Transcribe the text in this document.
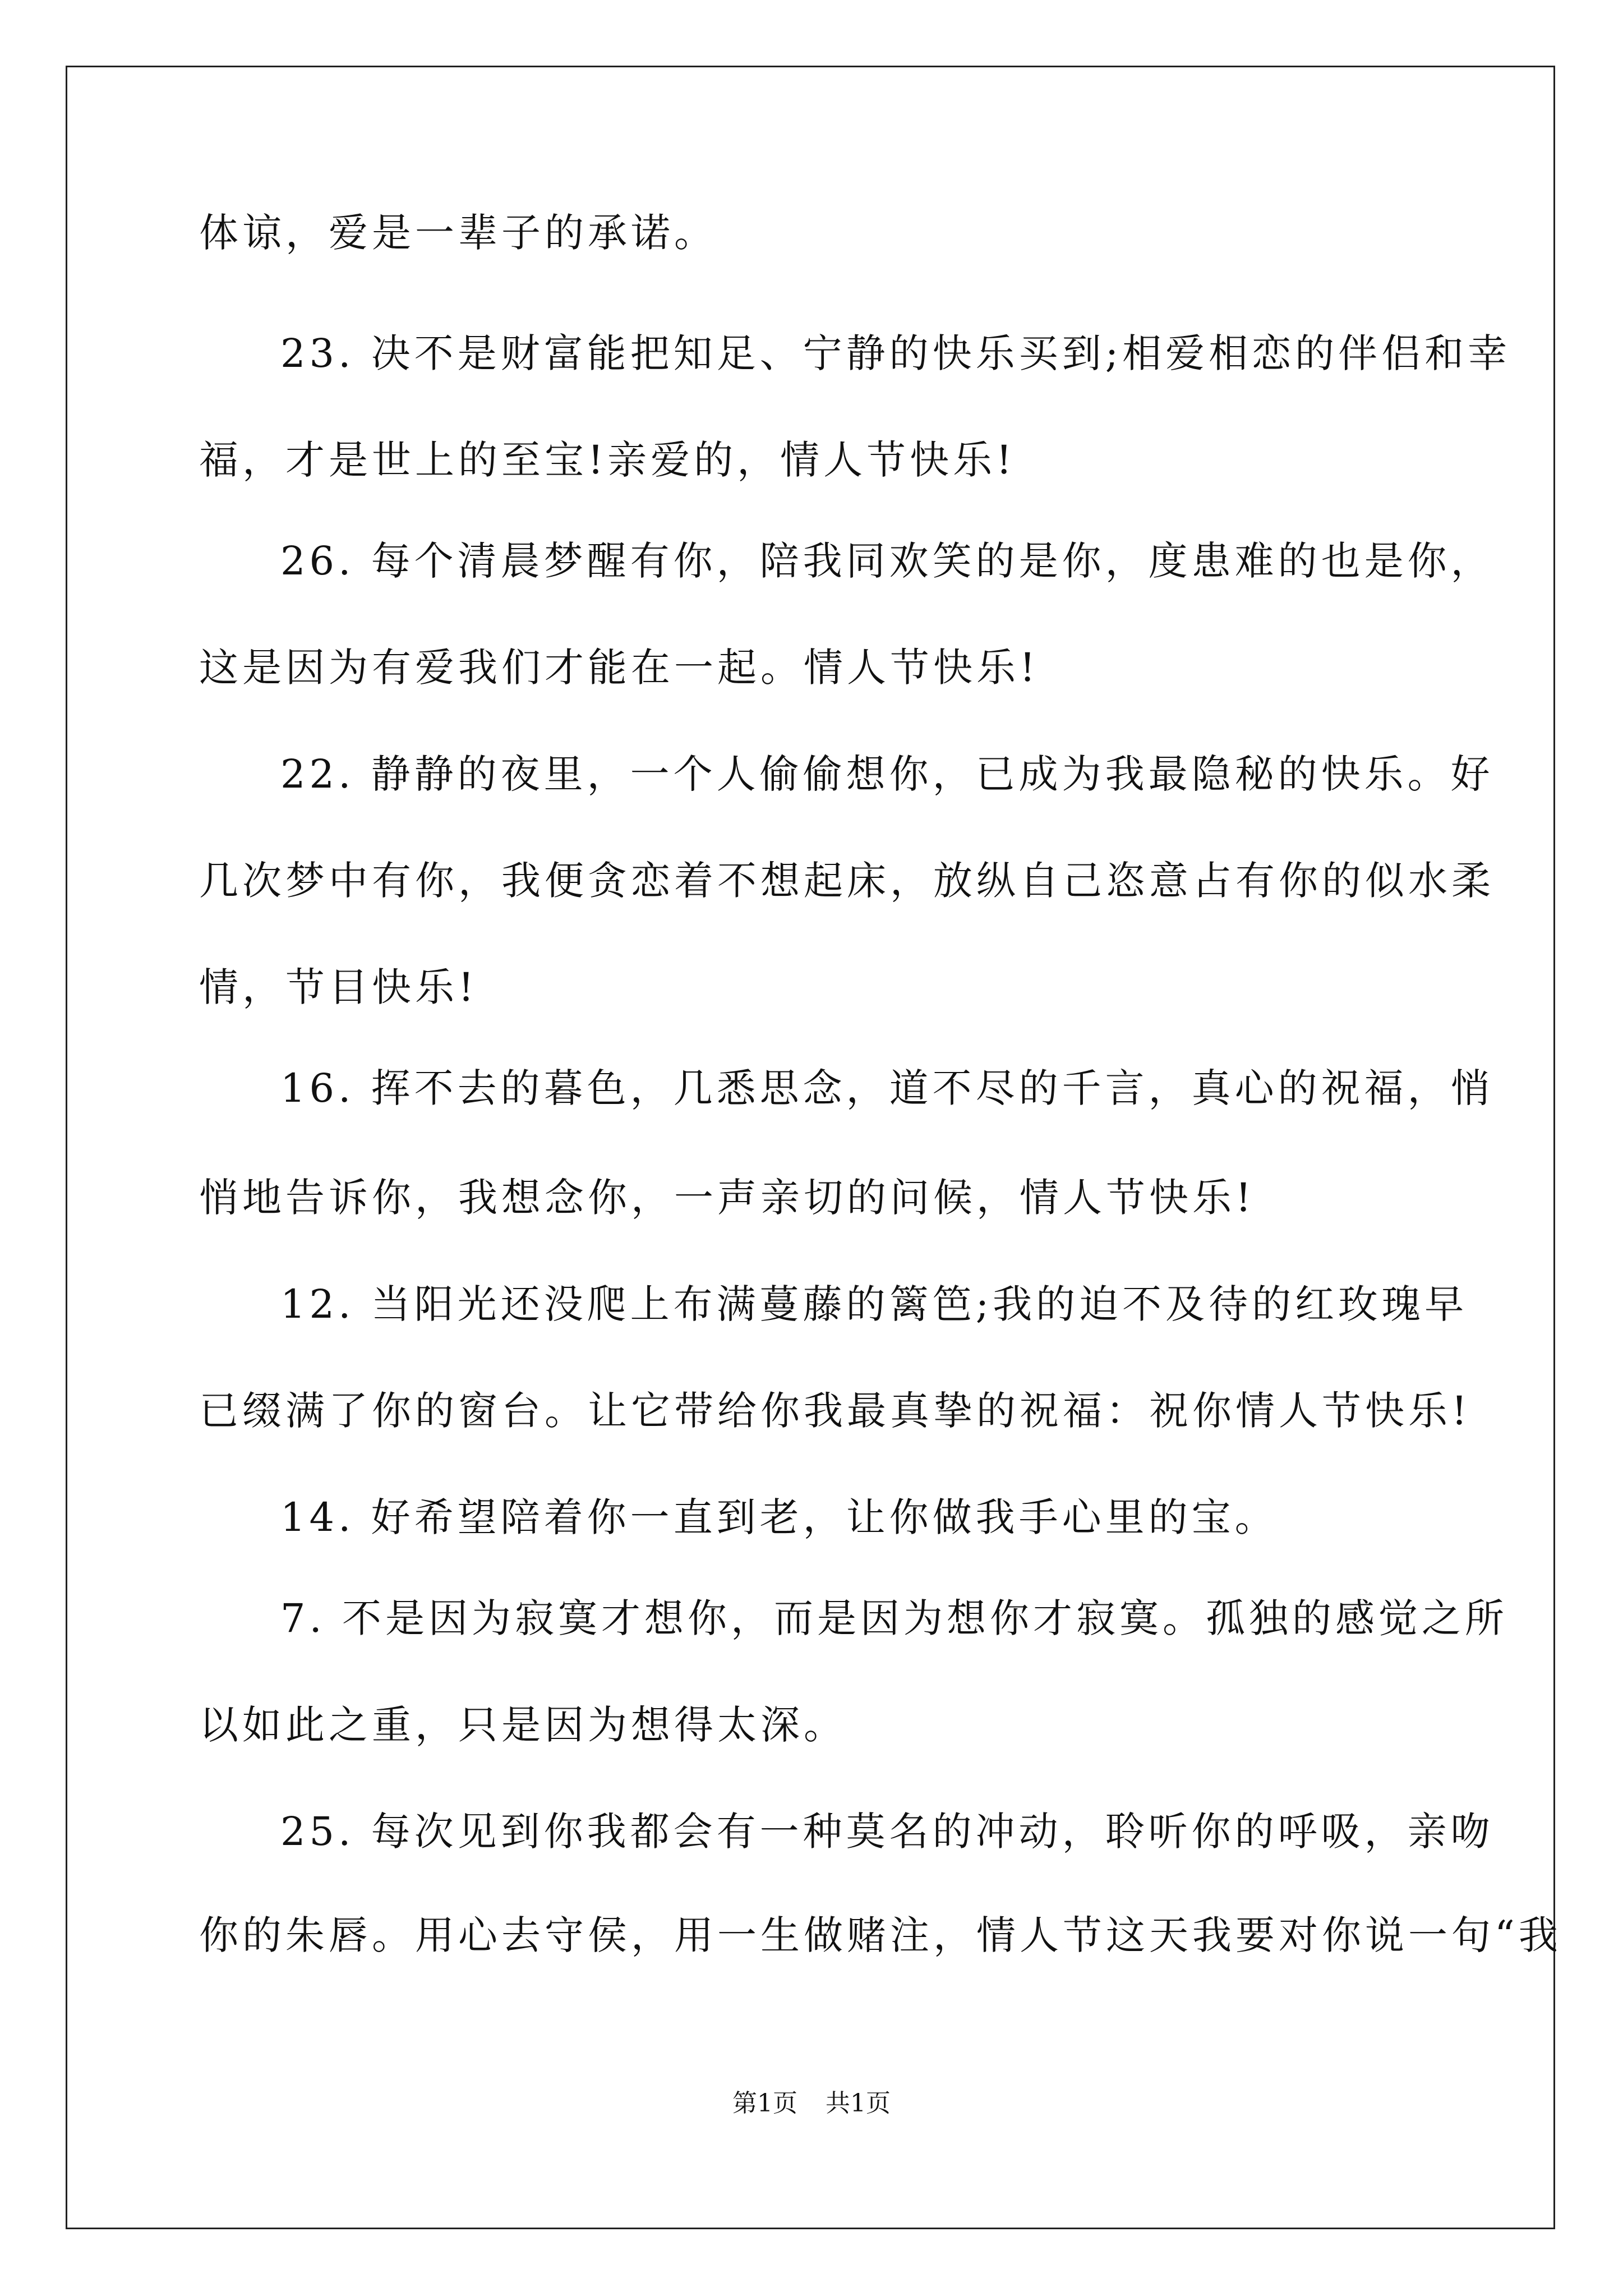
体谅，爱是一辈子的承诺。
23. 决不是财富能把知足、宁静的快乐买到;相爱相恋的伴侣和幸
福，才是世上的至宝!亲爱的，情人节快乐!
26. 每个清晨梦醒有你，陪我同欢笑的是你，度患难的也是你，
这是因为有爱我们才能在一起。情人节快乐!
22. 静静的夜里，一个人偷偷想你，已成为我最隐秘的快乐。好
几次梦中有你，我便贪恋着不想起床，放纵自己恣意占有你的似水柔
情，节目快乐!
16. 挥不去的暮色，几悉思念，道不尽的千言，真心的祝福，悄
悄地告诉你，我想念你，一声亲切的问候，情人节快乐!
12. 当阳光还没爬上布满蔓藤的篱笆;我的迫不及待的红玫瑰早
已缀满了你的窗台。让它带给你我最真挚的祝福：祝你情人节快乐!
14. 好希望陪着你一直到老，让你做我手心里的宝。
7. 不是因为寂寞才想你，而是因为想你才寂寞。孤独的感觉之所
以如此之重，只是因为想得太深。
25. 每次见到你我都会有一种莫名的冲动，聆听你的呼吸，亲吻
你的朱唇。用心去守侯，用一生做赌注，情人节这天我要对你说一句“我
第1页 共1页
